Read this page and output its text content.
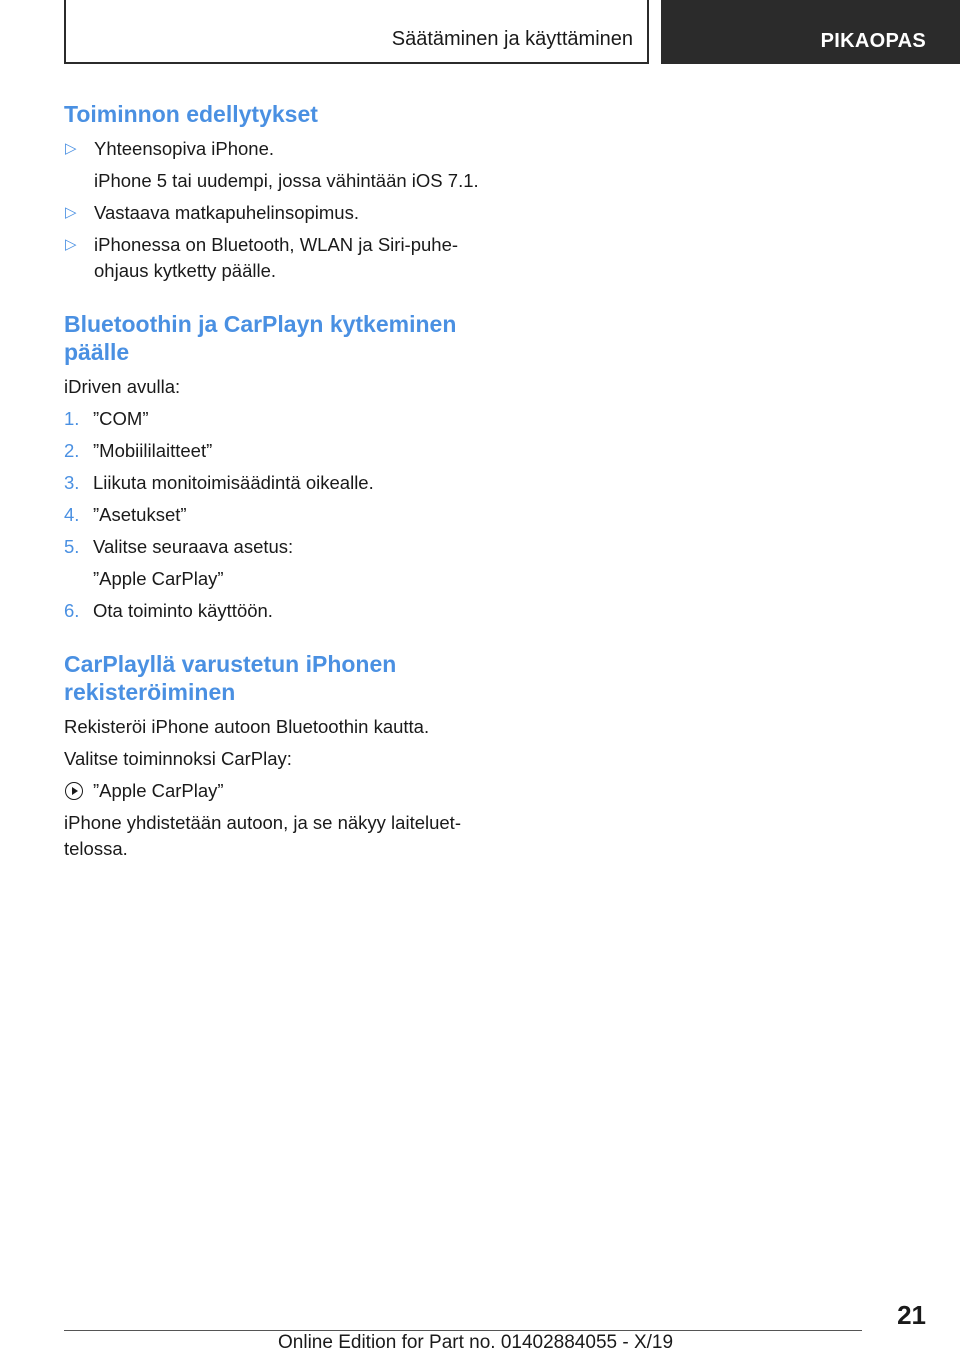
Säätäminen ja käyttäminen	PIKAOPAS
Toiminnon edellytykset
▷ Yhteensopiva iPhone.

iPhone 5 tai uudempi, jossa vähintään iOS 7.1.

▷ Vastaava matkapuhelinsopimus.

▷ iPhonessa on Bluetooth, WLAN ja Siri-puheohjaus kytketty päälle.

Bluetoothin ja CarPlayn kytkeminen päälle

iDriven avulla:

1. ”COM”

2. ”Mobiililaitteet”

3. Liikuta monitoimisäädintä oikealle.

4. ”Asetukset”

5. Valitse seuraava asetus:

”Apple CarPlay”

6. Ota toiminto käyttöön.

CarPlayllä varustetun iPhonen rekisteröiminen

Rekisteröi iPhone autoon Bluetoothin kautta.

Valitse toiminnoksi CarPlay:

”Apple CarPlay”

iPhone yhdistetään autoon, ja se näkyy laiteluettelossa.

21
Online Edition for Part no. 01402884055 - X/19
